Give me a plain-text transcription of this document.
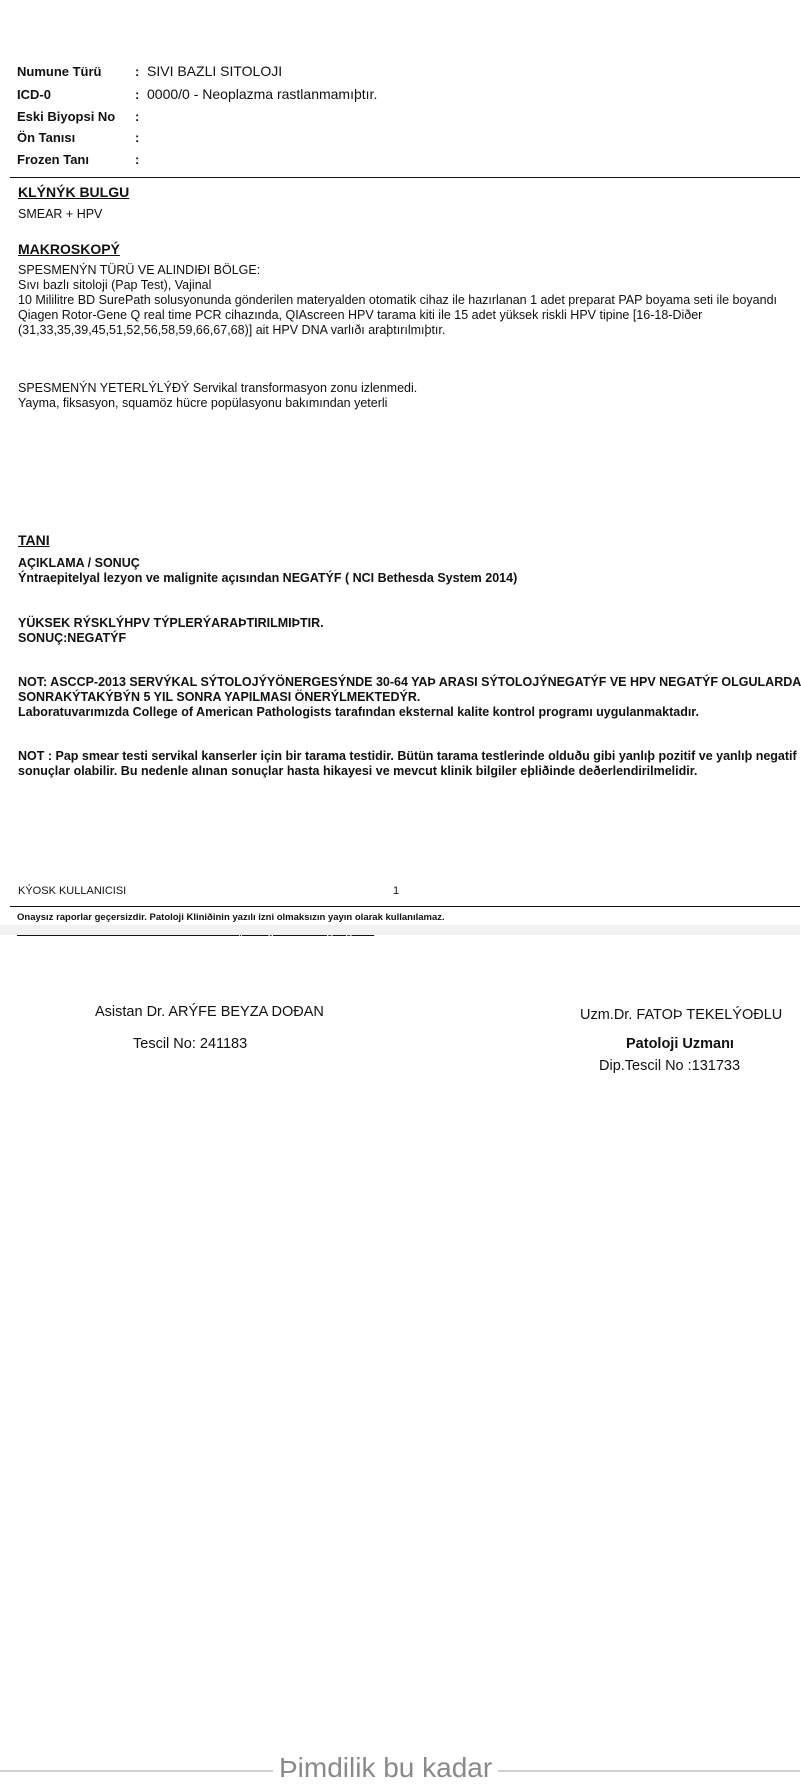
Numune Türü	: SIVI BAZLI SITOLOJI
ICD-0	: 0000/0 - Neoplazma rastlanmamıþtır.
Eski Biyopsi No :
Ön Tanısı	:
Frozen Tanı	:
KLÝNÝK BULGU
SMEAR + HPV
MAKROSKOPÝ
SPESMENÝN TÜRÜ VE ALINDIÐI BÖLGE:
Sıvı bazlı sitoloji (Pap Test), Vajinal
10 Mililitre BD SurePath solusyonunda gönderilen materyalden otomatik cihaz ile hazırlanan 1 adet preparat PAP boyama seti ile boyandı
Qiagen Rotor-Gene Q real time PCR cihazında, QIAscreen HPV tarama kiti ile 15 adet yüksek riskli HPV tipine [16-18-Diðer
(31,33,35,39,45,51,52,56,58,59,66,67,68)] ait HPV DNA varlıðı araþtırılmıþtır.
SPESMENÝN YETERLÝLÝÐÝ Servikal transformasyon zonu izlenmedi.
Yayma, fiksasyon, squamöz hücre popülasyonu bakımından yeterli
TANI
AÇIKLAMA / SONUÇ
Ýntraepitelyal lezyon ve malignite açısından NEGATÝF ( NCI Bethesda System 2014)
YÜKSEK RÝSKLÝHPV TÝPLERÝARAÞTIRILMIÞTIR.
SONUÇ:NEGATÝF
NOT: ASCCP-2013 SERVÝKAL SÝTOLOJÝYÖNERGESÝNDE 30-64 YAÞ ARASI SÝTOLOJÝNEGATÝF VE HPV NEGATÝF OLGULARDA
SONRAKÝTAKÝBÝN 5 YIL SONRA YAPILMASI ÖNERÝLMEKTEDÝR.
Laboratuvarımızda College of American Pathologists tarafından eksternal kalite kontrol programı uygulanmaktadır.
NOT : Pap smear testi servikal kanserler için bir tarama testidir. Bütün tarama testlerinde olduðu gibi yanlıþ pozitif ve yanlıþ negatif
sonuçlar olabilir. Bu nedenle alınan sonuçlar hasta hikayesi ve mevcut klinik bilgiler eþliðinde deðerlendirilmelidir.
KÝOSK KULLANICISI	1
Onaysız raporlar geçersizdir. Patoloji Kliniðinin yazılı izni olmaksızın yayın olarak kullanılamaz.
Asistan Dr. ARÝFE BEYZA DOÐAN
Tescil No: 241183
Uzm.Dr. FATOÞ TEKELÝOÐLU
Patoloji Uzmanı
Dip.Tescil No :131733
Þimdilik bu kadar
